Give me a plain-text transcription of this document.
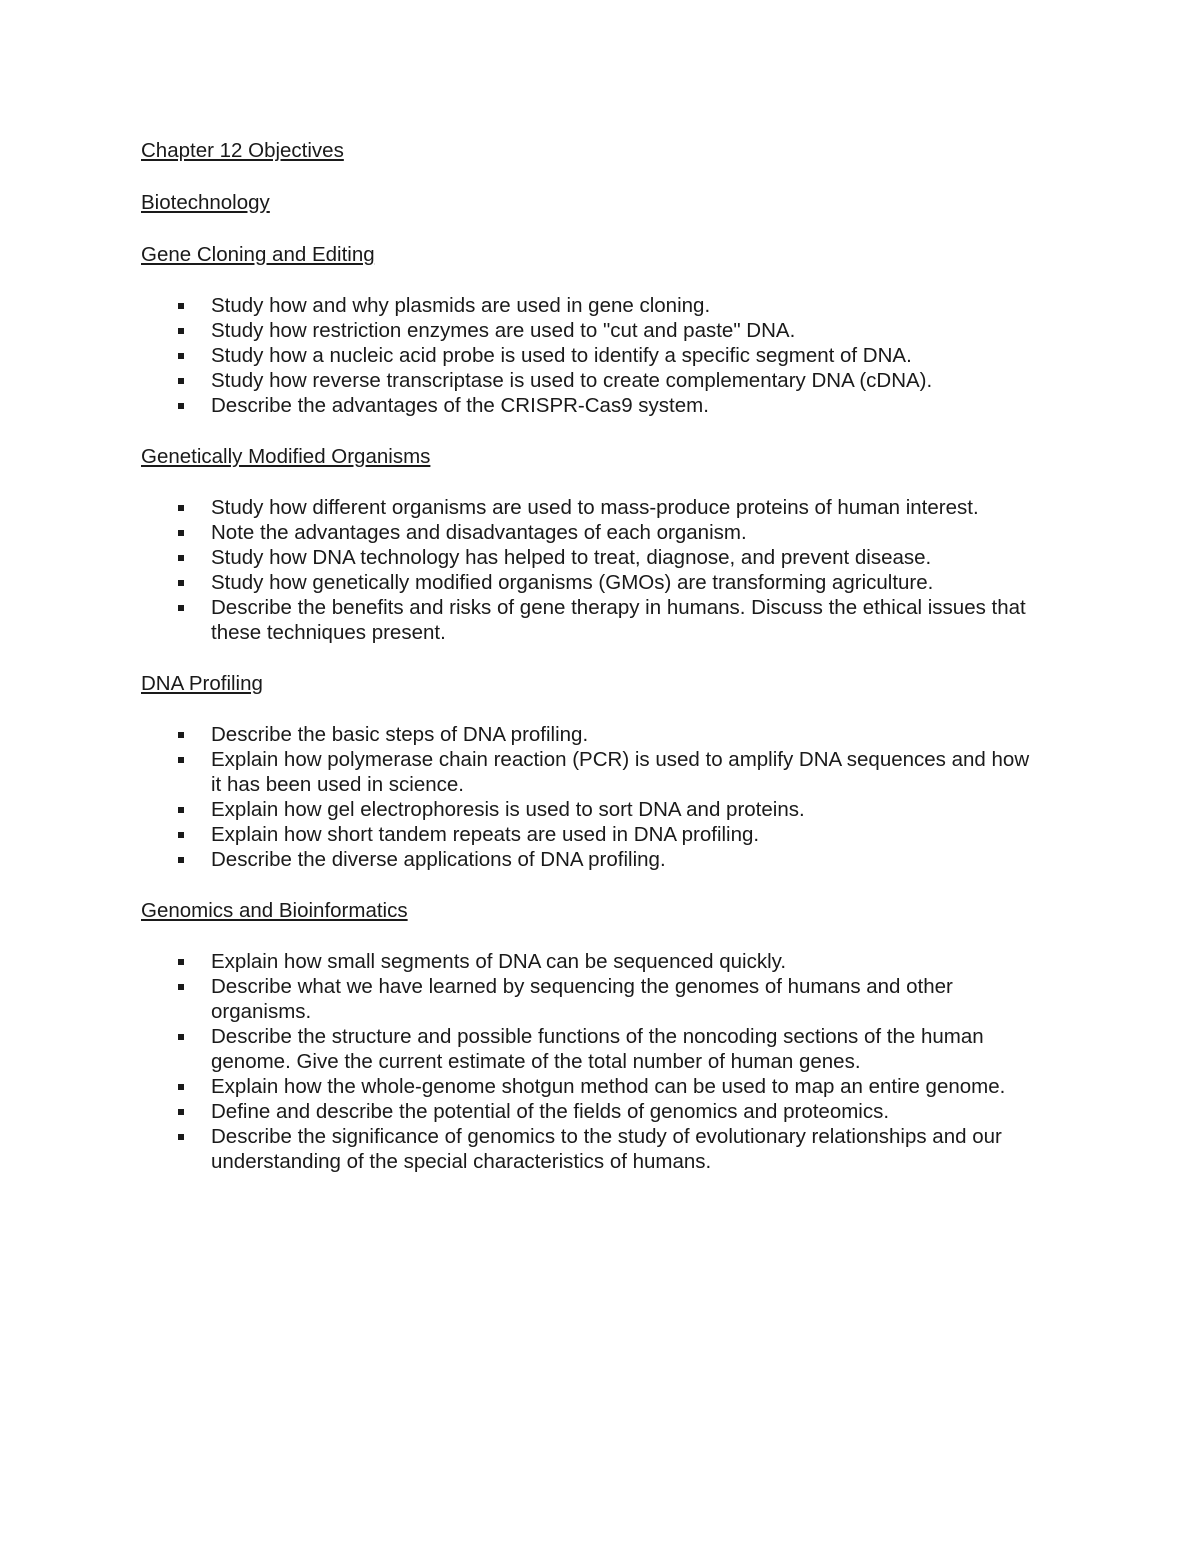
Chapter 12 Objectives

Biotechnology

Gene Cloning and Editing

Study how and why plasmids are used in gene cloning.
Study how restriction enzymes are used to "cut and paste" DNA.
Study how a nucleic acid probe is used to identify a specific segment of DNA.
Study how reverse transcriptase is used to create complementary DNA (cDNA).
Describe the advantages of the CRISPR-Cas9 system.

Genetically Modified Organisms

Study how different organisms are used to mass-produce proteins of human interest.
Note the advantages and disadvantages of each organism.
Study how DNA technology has helped to treat, diagnose, and prevent disease.
Study how genetically modified organisms (GMOs) are transforming agriculture.
Describe the benefits and risks of gene therapy in humans. Discuss the ethical issues that these techniques present.

DNA Profiling

Describe the basic steps of DNA profiling.
Explain how polymerase chain reaction (PCR) is used to amplify DNA sequences and how it has been used in science.
Explain how gel electrophoresis is used to sort DNA and proteins.
Explain how short tandem repeats are used in DNA profiling.
Describe the diverse applications of DNA profiling.

Genomics and Bioinformatics

Explain how small segments of DNA can be sequenced quickly.
Describe what we have learned by sequencing the genomes of humans and other organisms.
Describe the structure and possible functions of the noncoding sections of the human genome. Give the current estimate of the total number of human genes.
Explain how the whole-genome shotgun method can be used to map an entire genome.
Define and describe the potential of the fields of genomics and proteomics.
Describe the significance of genomics to the study of evolutionary relationships and our understanding of the special characteristics of humans.
